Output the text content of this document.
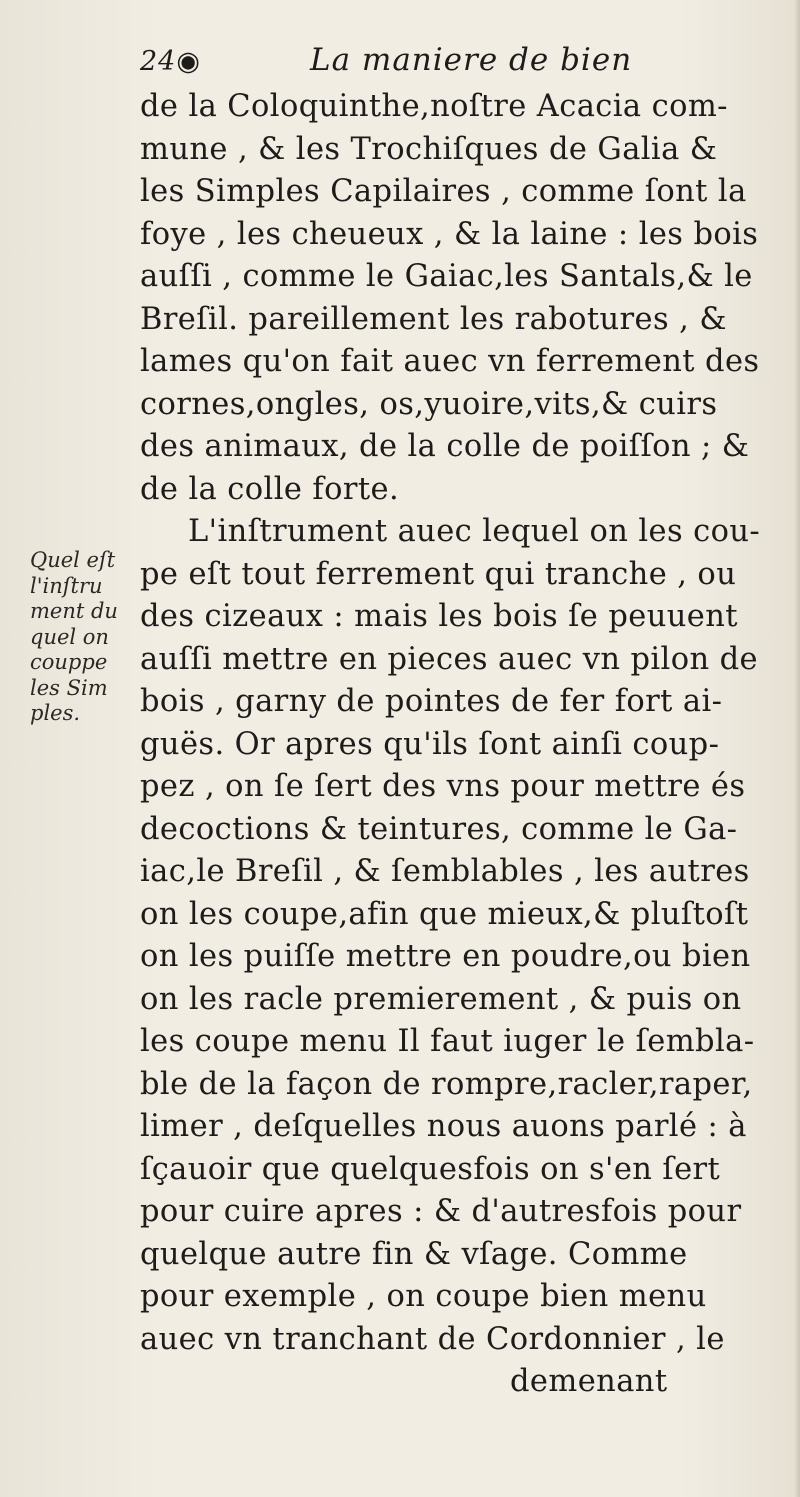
24◉	La maniere de bien
Quel eſt
l'inſtru
ment du
quel on
couppe
les Sim
ples.
de la Coloquinthe,noſtre Acacia com-
mune , & les Trochiſques de Galia &
les Simples Capilaires , comme ſont la
foye , les cheueux , & la laine : les bois
auſſi , comme le Gaiac,les Santals,& le
Breſil. pareillement les rabotures , &
lames qu'on fait auec vn ferrement des
cornes,ongles, os,yuoire,vits,& cuirs
des animaux, de la colle de poiſſon ; &
de la colle forte.
L'inſtrument auec lequel on les cou-
pe eſt tout ferrement qui tranche , ou
des cizeaux : mais les bois ſe peuuent
auſſi mettre en pieces auec vn pilon de
bois , garny de pointes de fer fort ai-
guës. Or apres qu'ils ſont ainſi coup-
pez , on ſe ſert des vns pour mettre és
decoctions & teintures, comme le Ga-
iac,le Breſil , & ſemblables , les autres
on les coupe,afin que mieux,& pluſtoſt
on les puiſſe mettre en poudre,ou bien
on les racle premierement , & puis on
les coupe menu Il faut iuger le ſembla-
ble de la façon de rompre,racler,raper,
limer , deſquelles nous auons parlé : à
ſçauoir que quelquesfois on s'en ſert
pour cuire apres : & d'autresfois pour
quelque autre fin & vſage. Comme
pour exemple , on coupe bien menu
auec vn tranchant de Cordonnier , le
demenant
